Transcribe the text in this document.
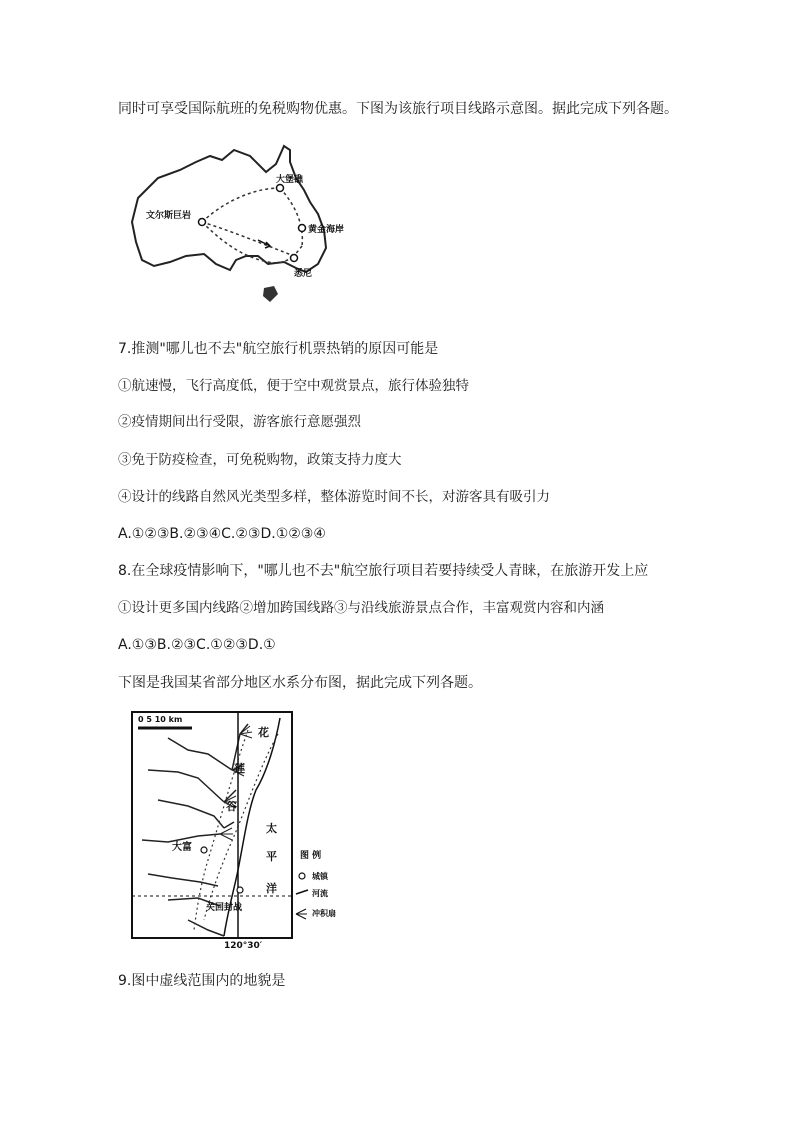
同时可享受国际航班的免税购物优惠。下图为该旅行项目线路示意图。据此完成下列各题。
大堡礁
文尔斯巨岩
黄金海岸
悉尼
7.推测"哪儿也不去"航空旅行机票热销的原因可能是
①航速慢，飞行高度低，便于空中观赏景点，旅行体验独特
②疫情期间出行受限，游客旅行意愿强烈
③免于防疫检查，可免税购物，政策支持力度大
④设计的线路自然风光类型多样，整体游览时间不长，对游客具有吸引力
A.①②③B.②③④C.②③D.①②③④
8.在全球疫情影响下，"哪儿也不去"航空旅行项目若要持续受人青睐，在旅游开发上应
①设计更多国内线路②增加跨国线路③与沿线旅游景点合作，丰富观赏内容和内涵
A.①③B.②③C.①②③D.①
下图是我国某省部分地区水系分布图，据此完成下列各题。
0 5 10 km
花
莲
谷
大富
太
平
洋
关回封战
120°30′
图 例
城镇
河流
冲积扇
9.图中虚线范围内的地貌是
